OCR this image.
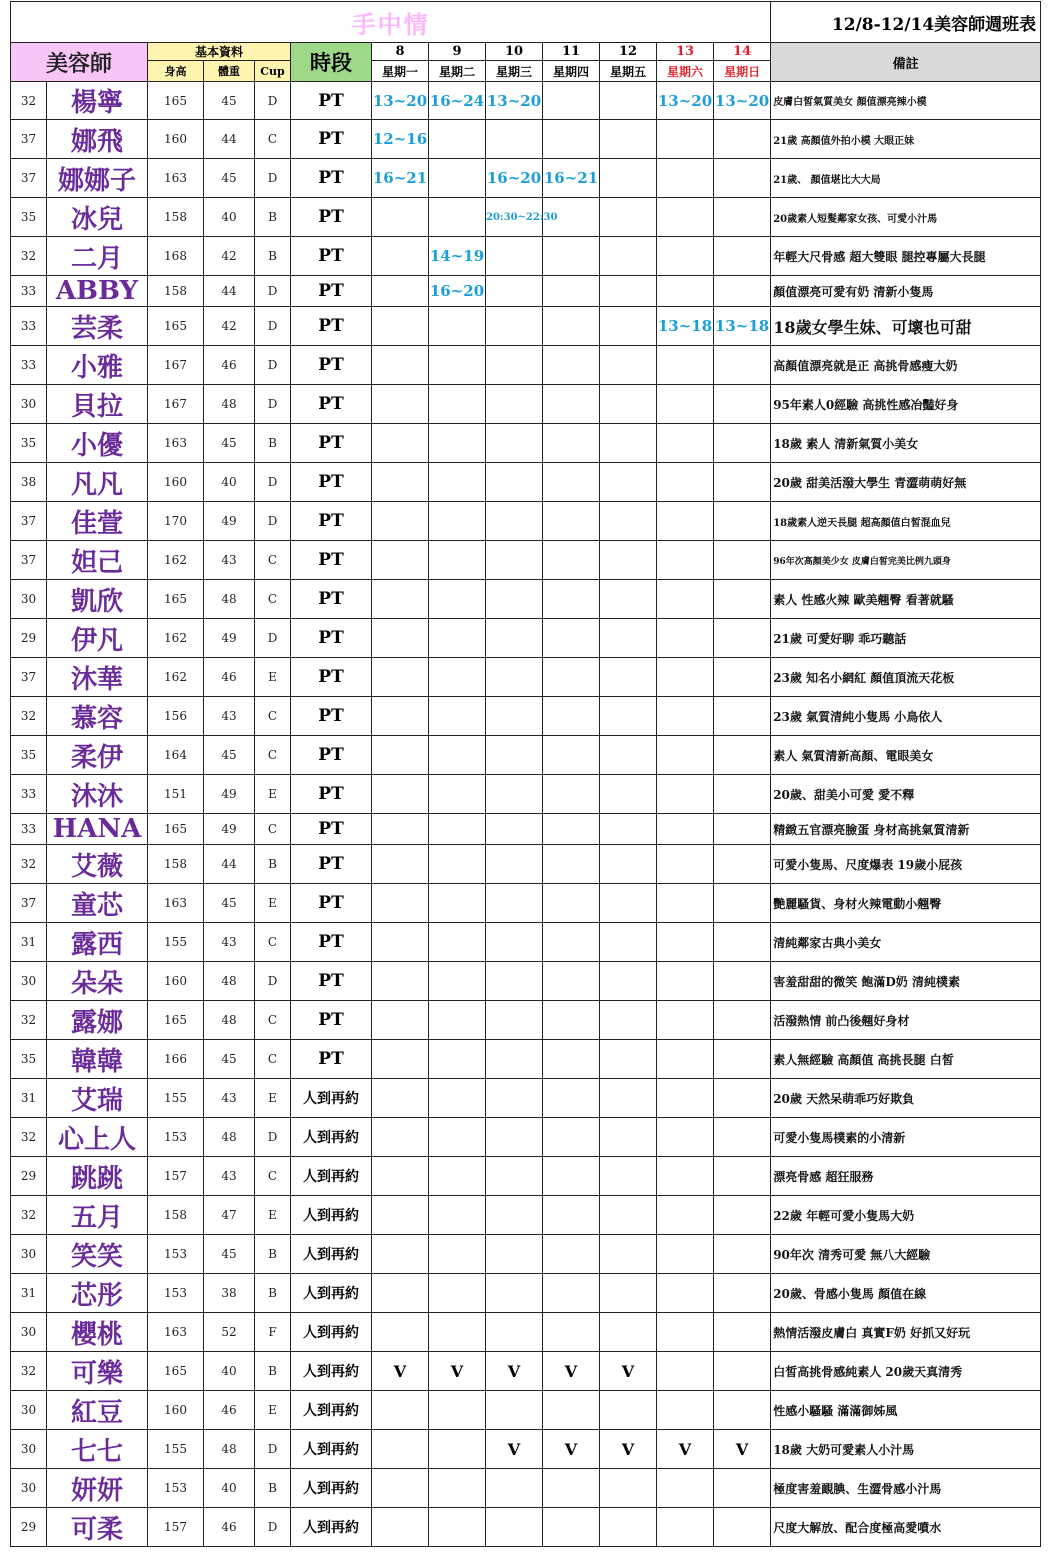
手中情													12/8-12/14美容師週班表
美容師		基本資料			時段	8	9	10	11	12	13	14	備註
		身高	體重	Cup		星期一	星期二	星期三	星期四	星期五	星期六	星期日	
32	楊寧	165	45	D	PT	13~20	16~24	13~20			13~20	13~20	皮膚白皙氣質美女 顏值漂亮辣小模
37	娜飛	160	44	C	PT	12~16							21歲 高顏值外拍小模 大眼正妹
37	娜娜子	163	45	D	PT	16~21		16~20	16~21				21歲、 顏值堪比大大局
35	冰兒	158	40	B	PT			20:30~22:30					20歲素人短髮鄰家女孩、可愛小汁馬
32	二月	168	42	B	PT		14~19						年輕大尺骨感 超大雙眼 腿控專屬大長腿
33	ABBY	158	44	D	PT		16~20						顏值漂亮可愛有奶 清新小隻馬
33	芸柔	165	42	D	PT						13~18	13~18	18歲女學生妹、可壞也可甜
33	小雅	167	46	D	PT								高顏值漂亮就是正 高挑骨感瘦大奶
30	貝拉	167	48	D	PT								95年素人0經驗 高挑性感冶豔好身
35	小優	163	45	B	PT								18歲 素人 清新氣質小美女
38	凡凡	160	40	D	PT								20歲 甜美活潑大學生 青澀萌萌好無
37	佳萱	170	49	D	PT								18歲素人逆天長腿 超高顏值白皙混血兒
37	妲己	162	43	C	PT								96年次高顏美少女 皮膚白皙完美比例九頭身
30	凱欣	165	48	C	PT								素人 性感火辣 歐美翹臀 看著就騷
29	伊凡	162	49	D	PT								21歲 可愛好聊 乖巧聽話
37	沐華	162	46	E	PT								23歲 知名小網紅 顏值頂流天花板
32	慕容	156	43	C	PT								23歲 氣質清純小隻馬 小鳥依人
35	柔伊	164	45	C	PT								素人 氣質清新高顏、電眼美女
33	沐沐	151	49	E	PT								20歲、甜美小可愛 愛不釋
33	HANA	165	49	C	PT								精緻五官漂亮臉蛋 身材高挑氣質清新
32	艾薇	158	44	B	PT								可愛小隻馬、尺度爆表 19歲小屁孩
37	童芯	163	45	E	PT								艷麗騷貨、身材火辣電動小翹臀
31	露西	155	43	C	PT								清純鄰家古典小美女
30	朵朵	160	48	D	PT								害羞甜甜的微笑 飽滿D奶 清純樸素
32	露娜	165	48	C	PT								活潑熱情 前凸後翹好身材
35	韓韓	166	45	C	PT								素人無經驗 高顏值 高挑長腿 白皙
31	艾瑞	155	43	E	人到再約								20歲 天然呆萌乖巧好欺負
32	心上人	153	48	D	人到再約								可愛小隻馬樸素的小清新
29	跳跳	157	43	C	人到再約								漂亮骨感 超狂服務
32	五月	158	47	E	人到再約								22歲 年輕可愛小隻馬大奶
30	笑笑	153	45	B	人到再約								90年次 清秀可愛 無八大經驗
31	芯彤	153	38	B	人到再約								20歲、骨感小隻馬 顏值在線
30	櫻桃	163	52	F	人到再約								熱情活潑皮膚白 真實F奶 好抓又好玩
32	可樂	165	40	B	人到再約	V	V	V	V	V			白皙高挑骨感純素人 20歲天真清秀
30	紅豆	160	46	E	人到再約								性感小騷騷 滿滿御姊風
30	七七	155	48	D	人到再約			V	V	V	V	V	18歲 大奶可愛素人小汁馬
30	妍妍	153	40	B	人到再約								極度害羞靦腆、生澀骨感小汁馬
29	可柔	157	46	D	人到再約								尺度大解放、配合度極高愛噴水
